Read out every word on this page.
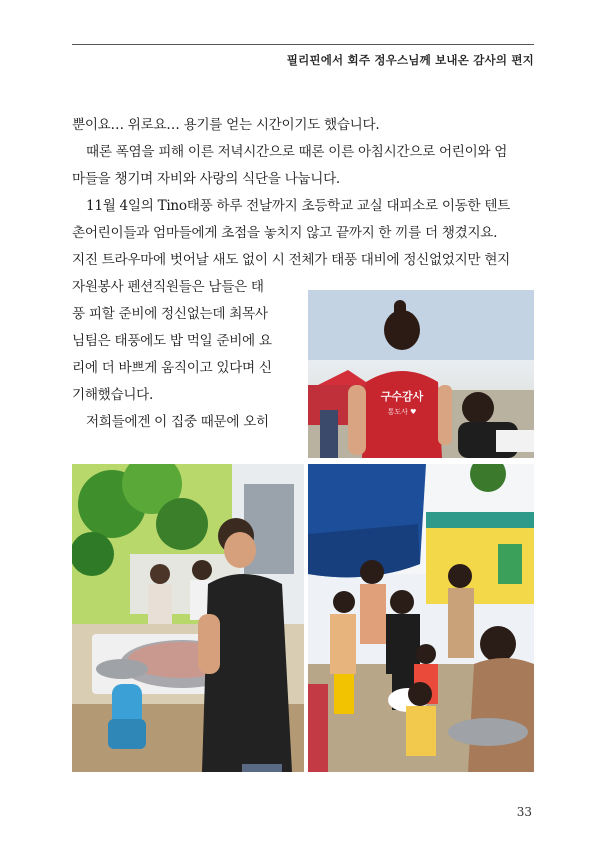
필리핀에서 회주 정우스님께 보내온 감사의 편지

뿐이요… 위로요… 용기를 얻는 시간이기도 했습니다.

때론 폭염을 피해 이른 저녁시간으로 때론 이른 아침시간으로 어린이와 엄

마들을 챙기며 자비와 사랑의 식단을 나눕니다.

11월 4일의 Tino태풍 하루 전날까지 초등학교 교실 대피소로 이동한 텐트

촌어린이들과 엄마들에게 초점을 놓치지 않고 끝까지 한 끼를 더 챙겼지요.

지진 트라우마에 벗어날 새도 없이 시 전체가 태풍 대비에 정신없었지만 현지

자원봉사 펜션직원들은 남들은 태

풍 피할 준비에 정신없는데 최목사

님팀은 태풍에도 밥 먹일 준비에 요

리에 더 바쁘게 움직이고 있다며 신

기해했습니다.

저희들에겐 이 집중 때문에 오히

구수감사
통도사 ♥
33
